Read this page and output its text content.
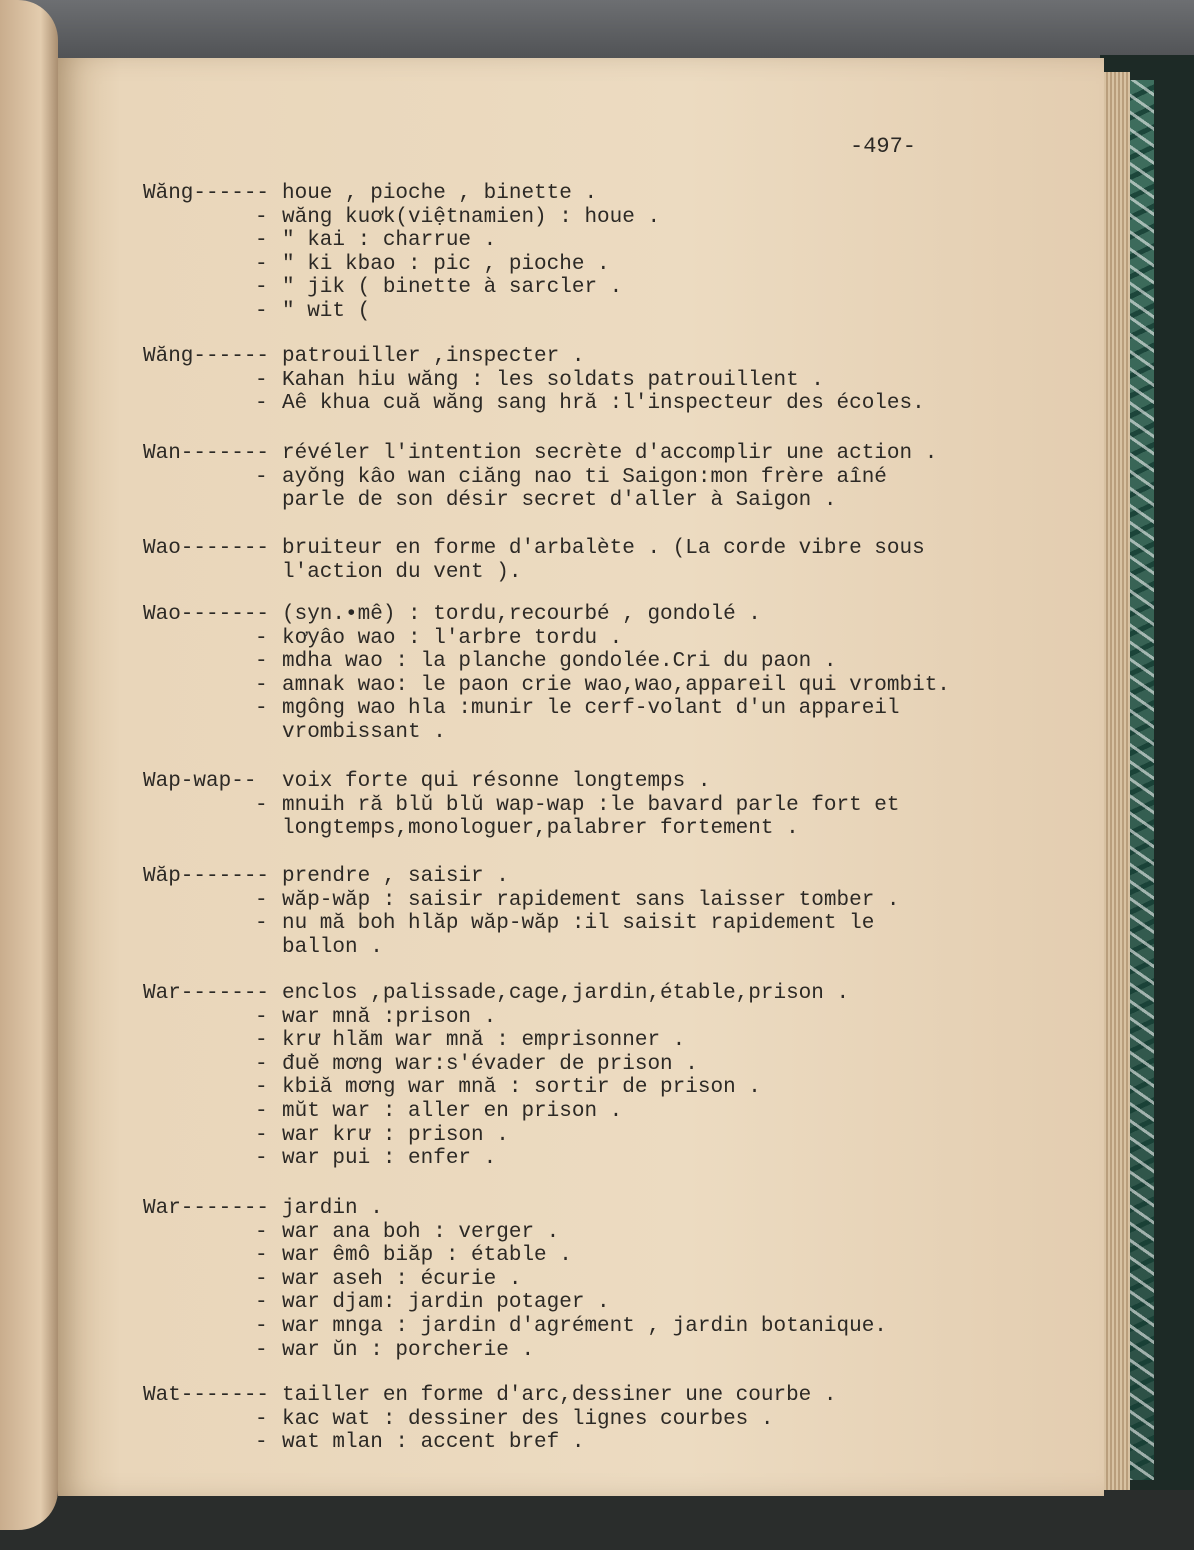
-497-
Wăng------ houe , pioche , binette .
- wăng kuơk(việtnamien) : houe .
- " kai : charrue .
- " ki kbao : pic , pioche .
- " jik ( binette à sarcler .
- " wit (
Wăng------ patrouiller ,inspecter .
- Kahan hiu wăng : les soldats patrouillent .
- Aê khua cuă wăng sang hră :l'inspecteur des écoles.
Wan------- révéler l'intention secrète d'accomplir une action .
- ayŏng kâo wan ciăng nao ti Saigon:mon frère aîné
parle de son désir secret d'aller à Saigon .
Wao------- bruiteur en forme d'arbalète . (La corde vibre sous
l'action du vent ).
Wao------- (syn.•mê) : tordu,recourbé , gondolé .
- kơyâo wao : l'arbre tordu .
- mdha wao : la planche gondolée.Cri du paon .
- amnak wao: le paon crie wao,wao,appareil qui vrombit.
- mgông wao hla :munir le cerf-volant d'un appareil
vrombissant .
Wap-wap--	voix forte qui résonne longtemps .
- mnuih ră blŭ blŭ wap-wap :le bavard parle fort et
longtemps,monologuer,palabrer fortement .
Wăp------- prendre , saisir .
- wăp-wăp : saisir rapidement sans laisser tomber .
- nu mă boh hlăp wăp-wăp :il saisit rapidement le
ballon .
War------- enclos ,palissade,cage,jardin,étable,prison .
- war mnă :prison .
- krư hlăm war mnă : emprisonner .
- đuĕ mơng war:s'évader de prison .
- kbiă mơng war mnă : sortir de prison .
- mŭt war : aller en prison .
- war krư : prison .
- war pui : enfer .
War------- jardin .
- war ana boh : verger .
- war êmô biăp : étable .
- war aseh : écurie .
- war djam: jardin potager .
- war mnga : jardin d'agrément , jardin botanique.
- war ŭn : porcherie .
Wat------- tailler en forme d'arc,dessiner une courbe .
- kac wat : dessiner des lignes courbes .
- wat mlan : accent bref .
